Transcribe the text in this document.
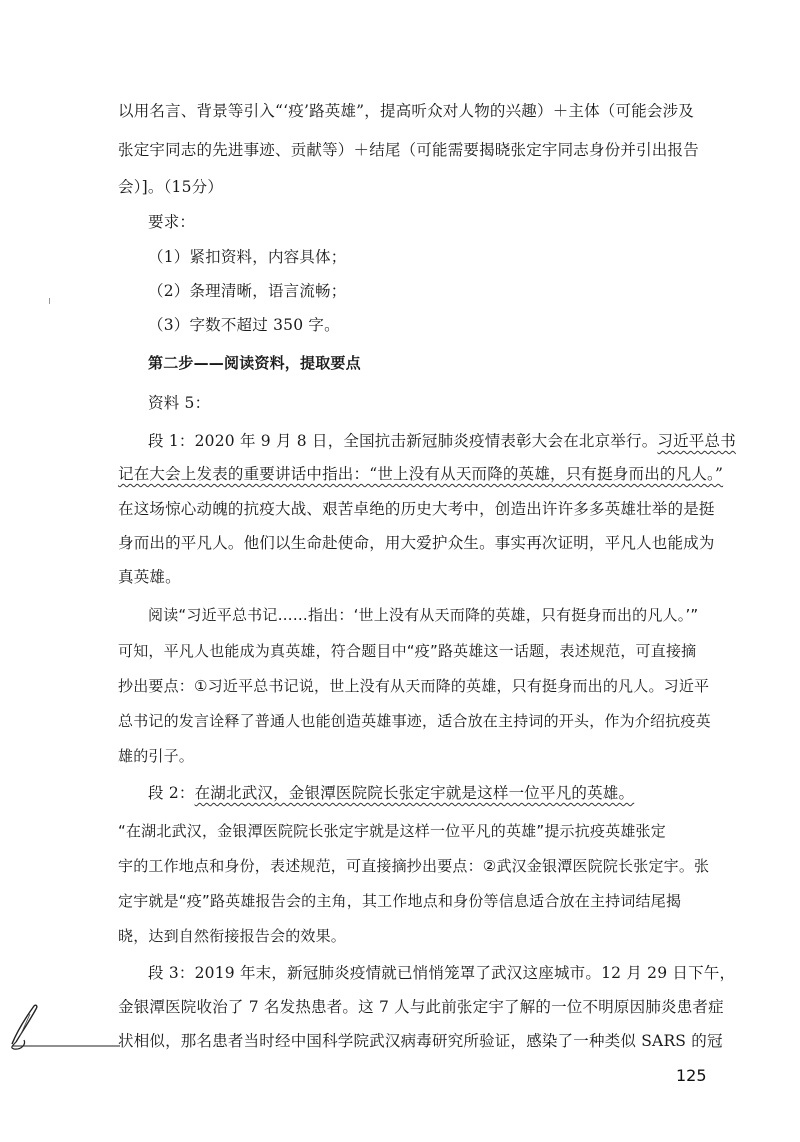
以用名言、背景等引入“‘疫’路英雄”，提高听众对人物的兴趣）＋主体（可能会涉及
张定宇同志的先进事迹、贡献等）＋结尾（可能需要揭晓张定宇同志身份并引出报告
会）]。（15分）
要求：
（1）紧扣资料，内容具体；
（2）条理清晰，语言流畅；
（3）字数不超过 350 字。
第二步——阅读资料，提取要点
资料 5：
段 1：2020 年 9 月 8 日，全国抗击新冠肺炎疫情表彰大会在北京举行。习近平总书
记在大会上发表的重要讲话中指出：“世上没有从天而降的英雄，只有挺身而出的凡人。”
在这场惊心动魄的抗疫大战、艰苦卓绝的历史大考中，创造出许许多多英雄壮举的是挺
身而出的平凡人。他们以生命赴使命，用大爱护众生。事实再次证明，平凡人也能成为
真英雄。
阅读“习近平总书记……指出：‘世上没有从天而降的英雄，只有挺身而出的凡人。’”
可知，平凡人也能成为真英雄，符合题目中“疫”路英雄这一话题，表述规范，可直接摘
抄出要点：①习近平总书记说，世上没有从天而降的英雄，只有挺身而出的凡人。习近平
总书记的发言诠释了普通人也能创造英雄事迹，适合放在主持词的开头，作为介绍抗疫英
雄的引子。
段 2：在湖北武汉，金银潭医院院长张定宇就是这样一位平凡的英雄。
“在湖北武汉，金银潭医院院长张定宇就是这样一位平凡的英雄”提示抗疫英雄张定
宇的工作地点和身份，表述规范，可直接摘抄出要点：②武汉金银潭医院院长张定宇。张
定宇就是“疫”路英雄报告会的主角，其工作地点和身份等信息适合放在主持词结尾揭
晓，达到自然衔接报告会的效果。
段 3：2019 年末，新冠肺炎疫情就已悄悄笼罩了武汉这座城市。12 月 29 日下午，
金银潭医院收治了 7 名发热患者。这 7 人与此前张定宇了解的一位不明原因肺炎患者症
状相似，那名患者当时经中国科学院武汉病毒研究所验证，感染了一种类似 SARS 的冠
125
